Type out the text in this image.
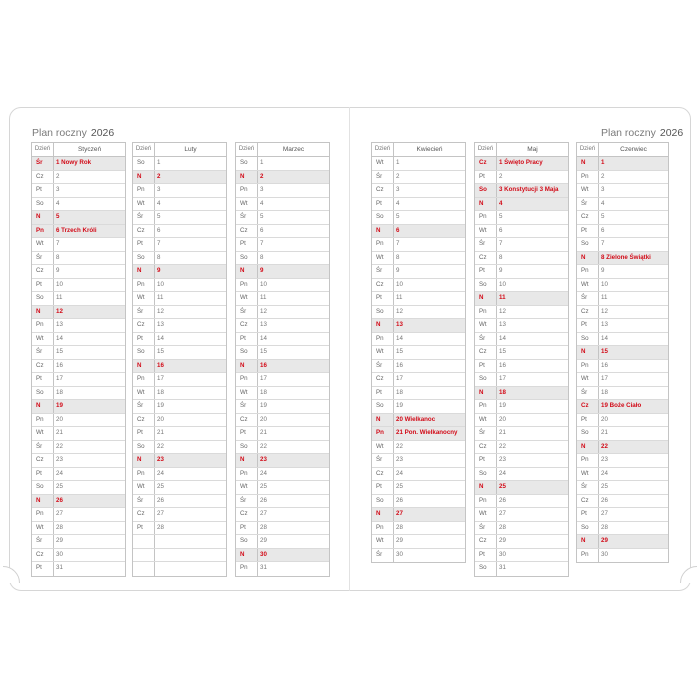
Plan roczny 2026	Plan roczny 2026
Dzień	Styczeń
Śr	1 Nowy Rok
Cz	2
Pt	3
So	4
N	5
Pn	6 Trzech Króli
Wt	7
Śr	8
Cz	9
Pt	10
So	11
N	12
Pn	13
Wt	14
Śr	15
Cz	16
Pt	17
So	18
N	19
Pn	20
Wt	21
Śr	22
Cz	23
Pt	24
So	25
N	26
Pn	27
Wt	28
Śr	29
Cz	30
Pt	31
Dzień	Luty
So	1
N	2
Pn	3
Wt	4
Śr	5
Cz	6
Pt	7
So	8
N	9
Pn	10
Wt	11
Śr	12
Cz	13
Pt	14
So	15
N	16
Pn	17
Wt	18
Śr	19
Cz	20
Pt	21
So	22
N	23
Pn	24
Wt	25
Śr	26
Cz	27
Pt	28
Dzień	Marzec
So	1
N	2
Pn	3
Wt	4
Śr	5
Cz	6
Pt	7
So	8
N	9
Pn	10
Wt	11
Śr	12
Cz	13
Pt	14
So	15
N	16
Pn	17
Wt	18
Śr	19
Cz	20
Pt	21
So	22
N	23
Pn	24
Wt	25
Śr	26
Cz	27
Pt	28
So	29
N	30
Pn	31
Dzień	Kwiecień
Wt	1
Śr	2
Cz	3
Pt	4
So	5
N	6
Pn	7
Wt	8
Śr	9
Cz	10
Pt	11
So	12
N	13
Pn	14
Wt	15
Śr	16
Cz	17
Pt	18
So	19
N	20 Wielkanoc
Pn	21 Pon. Wielkanocny
Wt	22
Śr	23
Cz	24
Pt	25
So	26
N	27
Pn	28
Wt	29
Śr	30
Dzień	Maj
Cz	1 Święto Pracy
Pt	2
So	3 Konstytucji 3 Maja
N	4
Pn	5
Wt	6
Śr	7
Cz	8
Pt	9
So	10
N	11
Pn	12
Wt	13
Śr	14
Cz	15
Pt	16
So	17
N	18
Pn	19
Wt	20
Śr	21
Cz	22
Pt	23
So	24
N	25
Pn	26
Wt	27
Śr	28
Cz	29
Pt	30
So	31
Dzień	Czerwiec
N	1
Pn	2
Wt	3
Śr	4
Cz	5
Pt	6
So	7
N	8 Zielone Świątki
Pn	9
Wt	10
Śr	11
Cz	12
Pt	13
So	14
N	15
Pn	16
Wt	17
Śr	18
Cz	19 Boże Ciało
Pt	20
So	21
N	22
Pn	23
Wt	24
Śr	25
Cz	26
Pt	27
So	28
N	29
Pn	30
